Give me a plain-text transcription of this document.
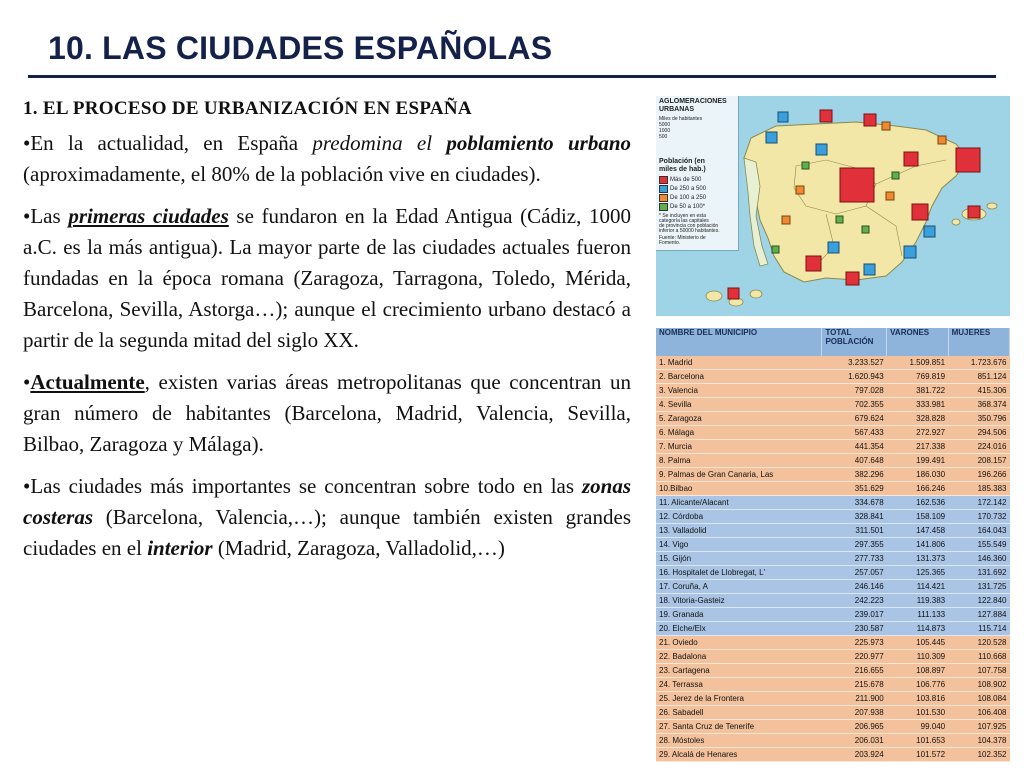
10. LAS CIUDADES ESPAÑOLAS
1. EL PROCESO DE URBANIZACIÓN EN ESPAÑA

•En la actualidad, en España predomina el poblamiento urbano (aproximadamente, el 80% de la población vive en ciudades).

•Las primeras ciudades se fundaron en la Edad Antigua (Cádiz, 1000 a.C. es la más antigua). La mayor parte de las ciudades actuales fueron fundadas en la época romana (Zaragoza, Tarragona, Toledo, Mérida, Barcelona, Sevilla, Astorga…); aunque el crecimiento urbano destacó a partir de la segunda mitad del siglo XX.

•Actualmente, existen varias áreas metropolitanas que concentran un gran número de habitantes (Barcelona, Madrid, Valencia, Sevilla, Bilbao, Zaragoza y Málaga).

•Las ciudades más importantes se concentran sobre todo en las zonas costeras (Barcelona, Valencia,…); aunque también existen grandes ciudades en el interior (Madrid, Zaragoza, Valladolid,…)

AGLOMERACIONES
URBANAS
Miles de habitantes
5000
1000
500
Población (en
miles de hab.)
Más de 500
De 250 a 500
De 100 a 250
De 50 a 100*
* Se incluyen en esta
categoría las capitales
de provincia con población
inferior a 50000 habitantes.
Fuente: Ministerio de
Fomento.
NOMBRE DEL MUNICIPIO	TOTAL
POBLACIÓN	VARONES	MUJERES
1. Madrid	3.233.527	1.509.851	1.723.676
2. Barcelona	1.620.943	769.819	851.124
3. Valencia	797.028	381.722	415.306
4. Sevilla	702.355	333.981	368.374
5. Zaragoza	679.624	328.828	350.796
6. Málaga	567.433	272.927	294.506
7. Murcia	441.354	217.338	224.016
8. Palma	407.648	199.491	208.157
9. Palmas de Gran Canaria, Las	382.296	186.030	196.266
10.Bilbao	351.629	166.246	185.383
11. Alicante/Alacant	334.678	162.536	172.142
12. Córdoba	328.841	158.109	170.732
13. Valladolid	311.501	147.458	164.043
14. Vigo	297.355	141.806	155.549
15. Gijón	277.733	131.373	146.360
16. Hospitalet de Llobregat, L'	257.057	125.365	131.692
17. Coruña, A	246.146	114.421	131.725
18. Vitoria-Gasteiz	242.223	119.383	122.840
19. Granada	239.017	111.133	127.884
20. Elche/Elx	230.587	114.873	115.714
21. Oviedo	225.973	105.445	120.528
22. Badalona	220.977	110.309	110.668
23. Cartagena	216.655	108.897	107.758
24. Terrassa	215.678	106.776	108.902
25. Jerez de la Frontera	211.900	103.816	108.084
26. Sabadell	207.938	101.530	106.408
27. Santa Cruz de Tenerife	206.965	99.040	107.925
28. Móstoles	206.031	101.653	104.378
29. Alcalá de Henares	203.924	101.572	102.352
